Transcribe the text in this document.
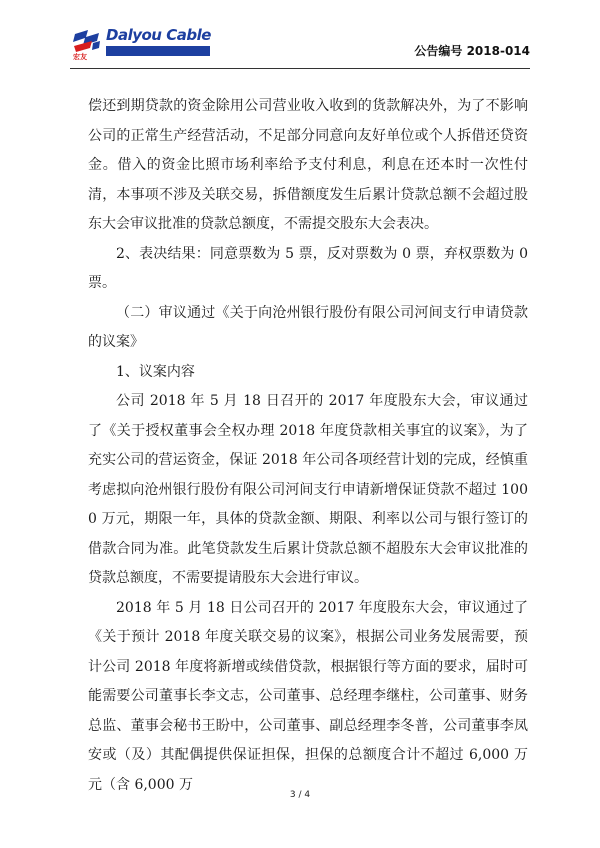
Dalyou Cable
宏友	公告编号 2018-014

偿还到期贷款的资金除用公司营业收入收到的货款解决外，为了不影响公司的正常生产经营活动，不足部分同意向友好单位或个人拆借还贷资金。借入的资金比照市场利率给予支付利息，利息在还本时一次性付清，本事项不涉及关联交易，拆借额度发生后累计贷款总额不会超过股东大会审议批准的贷款总额度，不需提交股东大会表决。

2、表决结果：同意票数为 5 票，反对票数为 0 票，弃权票数为 0 票。

（二）审议通过《关于向沧州银行股份有限公司河间支行申请贷款的议案》

1、议案内容

公司 2018 年 5 月 18 日召开的 2017 年度股东大会，审议通过了《关于授权董事会全权办理 2018 年度贷款相关事宜的议案》，为了充实公司的营运资金，保证 2018 年公司各项经营计划的完成，经慎重考虑拟向沧州银行股份有限公司河间支行申请新增保证贷款不超过 1000 万元，期限一年，具体的贷款金额、期限、利率以公司与银行签订的借款合同为准。此笔贷款发生后累计贷款总额不超股东大会审议批准的贷款总额度，不需要提请股东大会进行审议。

2018 年 5 月 18 日公司召开的 2017 年度股东大会，审议通过了《关于预计 2018 年度关联交易的议案》，根据公司业务发展需要，预计公司 2018 年度将新增或续借贷款，根据银行等方面的要求，届时可能需要公司董事长李文志，公司董事、总经理李继柱，公司董事、财务总监、董事会秘书王盼中，公司董事、副总经理李冬普，公司董事李凤安或（及）其配偶提供保证担保，担保的总额度合计不超过 6,000 万元（含 6,000 万

3 / 4
